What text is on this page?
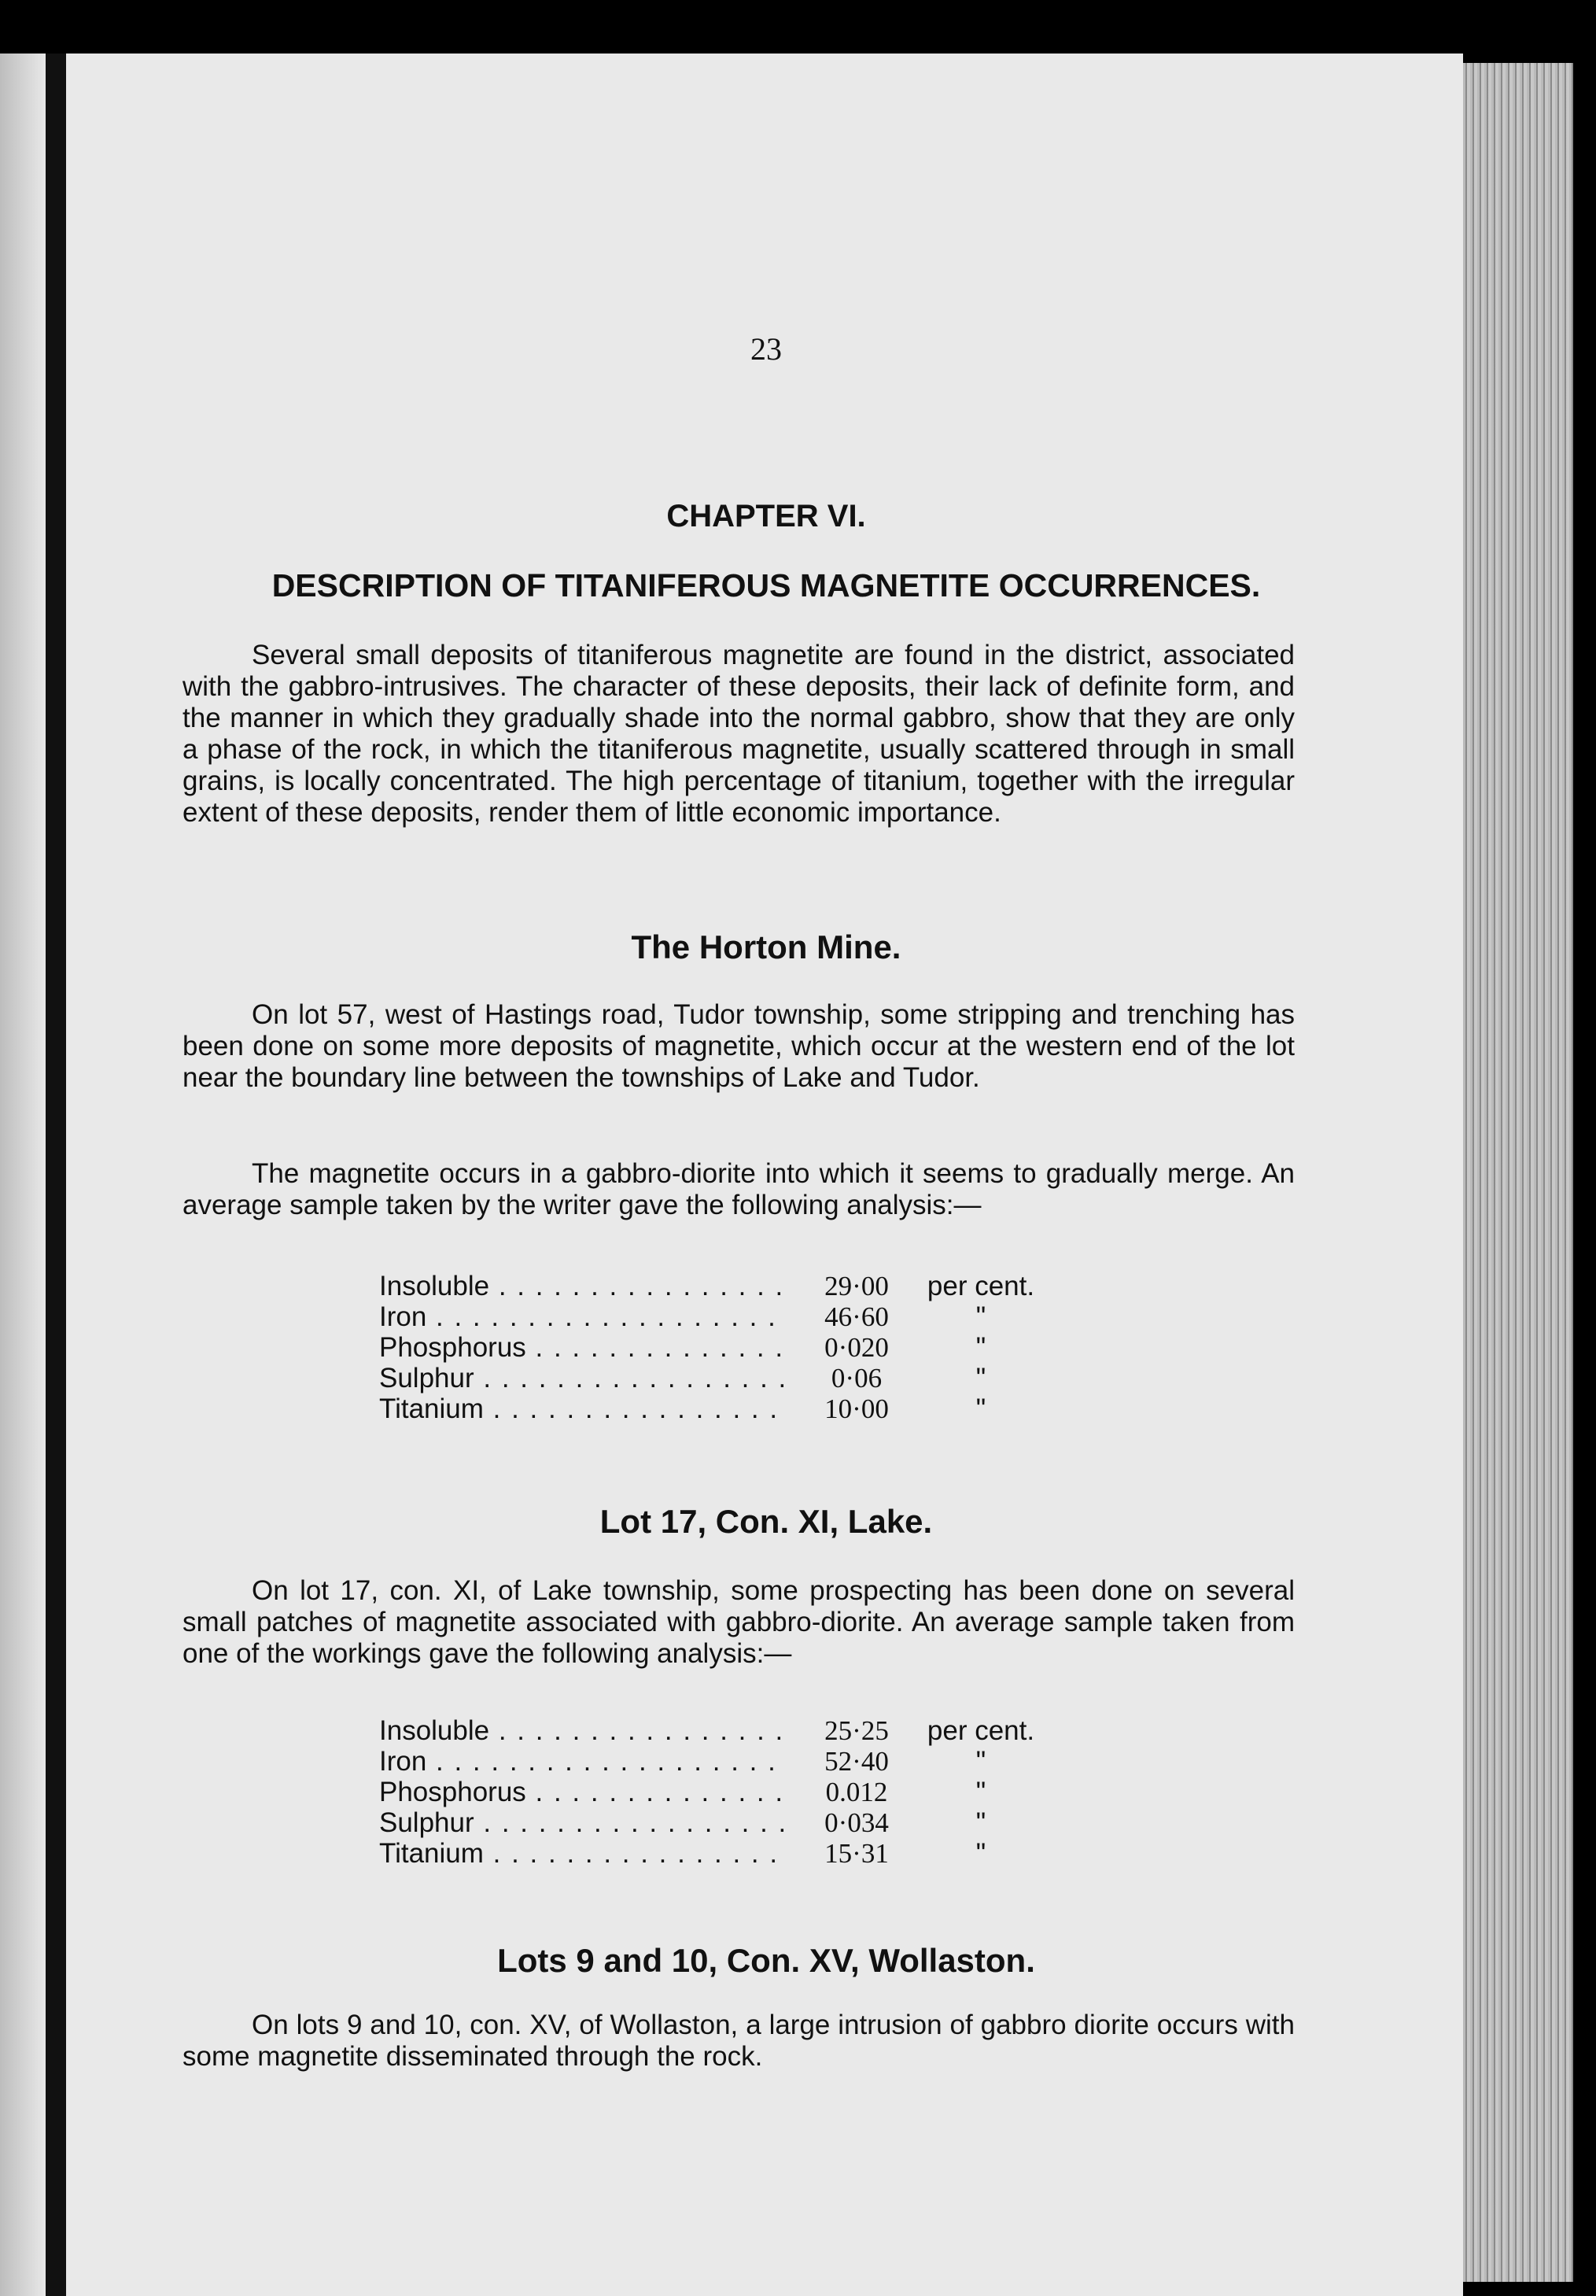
23
CHAPTER VI.
DESCRIPTION OF TITANIFEROUS MAGNETITE OCCURRENCES.
Several small deposits of titaniferous magnetite are found in the district, associated with the gabbro-intrusives. The character of these deposits, their lack of definite form, and the manner in which they gradually shade into the normal gabbro, show that they are only a phase of the rock, in which the titaniferous magnetite, usually scattered through in small grains, is locally concentrated. The high percentage of titanium, together with the irregular extent of these deposits, render them of little economic importance.
The Horton Mine.
On lot 57, west of Hastings road, Tudor township, some stripping and trenching has been done on some more deposits of magnetite, which occur at the western end of the lot near the boundary line between the townships of Lake and Tudor.
The magnetite occurs in a gabbro-diorite into which it seems to gradually merge. An average sample taken by the writer gave the following analysis:—
Insoluble . . .	29·00	per cent.
Iron . . .	46·60	"
Phosphorus . . .	0·020	"
Sulphur . . .	0·06	"
Titanium . . .	10·00	"
Lot 17, Con. XI, Lake.
On lot 17, con. XI, of Lake township, some prospecting has been done on several small patches of magnetite associated with gabbro-diorite. An average sample taken from one of the workings gave the following analysis:—
Insoluble . . .	25·25	per cent.
Iron . . .	52·40	"
Phosphorus . . .	0.012	"
Sulphur . . .	0·034	"
Titanium . . .	15·31	"
Lots 9 and 10, Con. XV, Wollaston.
On lots 9 and 10, con. XV, of Wollaston, a large intrusion of gabbro diorite occurs with some magnetite disseminated through the rock.
